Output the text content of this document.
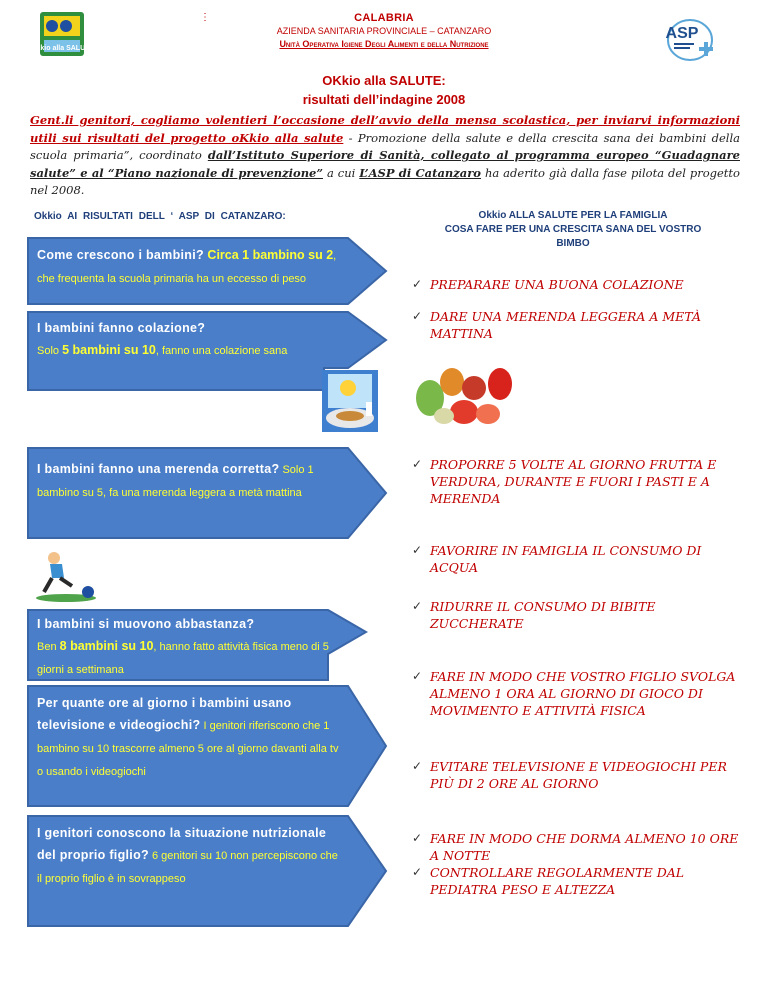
OKkio alla SALUTE
⋮	CALABRIA
AZIENDA SANITARIA PROVINCIALE – CATANZARO
Unità Operativa Igiene Degli Alimenti e della Nutrizione
ASP
OKkio alla SALUTE:
risultati dell’indagine 2008
Gent.li genitori, cogliamo volentieri l’occasione dell’avvio della mensa scolastica, per inviarvi informazioni utili sui risultati del progetto oKkio alla salute - Promozione della salute e della crescita sana dei bambini della scuola primaria”, coordinato dall’Istituto Superiore di Sanità, collegato al programma europeo “Guadagnare salute” e al “Piano nazionale di prevenzione” a cui L’ASP di Catanzaro ha aderito già dalla fase pilota del progetto nel 2008.
Okkio AI RISULTATI DELL ‘ ASP DI CATANZARO:	Okkio ALLA SALUTE PER LA FAMIGLIA
COSA FARE PER UNA CRESCITA SANA DEL VOSTRO
BIMBO
Come crescono i bambini? Circa 1 bambino su 2, che frequenta la scuola primaria ha un eccesso di peso
I bambini fanno colazione?
Solo 5 bambini su 10, fanno una colazione sana
I bambini fanno una merenda corretta? Solo 1 bambino su 5, fa una merenda leggera a metà mattina
I bambini si muovono abbastanza?
Ben 8 bambini su 10, hanno fatto attività fisica meno di 5 giorni a settimana
Per quante ore al giorno i bambini usano televisione e videogiochi? I genitori riferiscono che 1 bambino su 10 trascorre almeno 5 ore al giorno davanti alla tv o usando i videogiochi
I genitori conoscono la situazione nutrizionale del proprio figlio? 6 genitori su 10 non percepiscono che il proprio figlio è in sovrappeso
✓ PREPARARE UNA BUONA COLAZIONE
✓ DARE UNA MERENDA LEGGERA A METÀ MATTINA
✓ PROPORRE 5 VOLTE AL GIORNO FRUTTA E VERDURA, DURANTE E FUORI I PASTI E A MERENDA
✓ FAVORIRE IN FAMIGLIA IL CONSUMO DI ACQUA
✓ RIDURRE IL CONSUMO DI BIBITE ZUCCHERATE
✓ FARE IN MODO CHE VOSTRO FIGLIO SVOLGA ALMENO 1 ORA AL GIORNO DI GIOCO DI MOVIMENTO E ATTIVITÀ FISICA
✓ EVITARE TELEVISIONE E VIDEOGIOCHI PER PIÙ DI 2 ORE AL GIORNO
✓ FARE IN MODO CHE DORMA ALMENO 10 ORE A NOTTE
✓ CONTROLLARE REGOLARMENTE DAL PEDIATRA PESO E ALTEZZA
